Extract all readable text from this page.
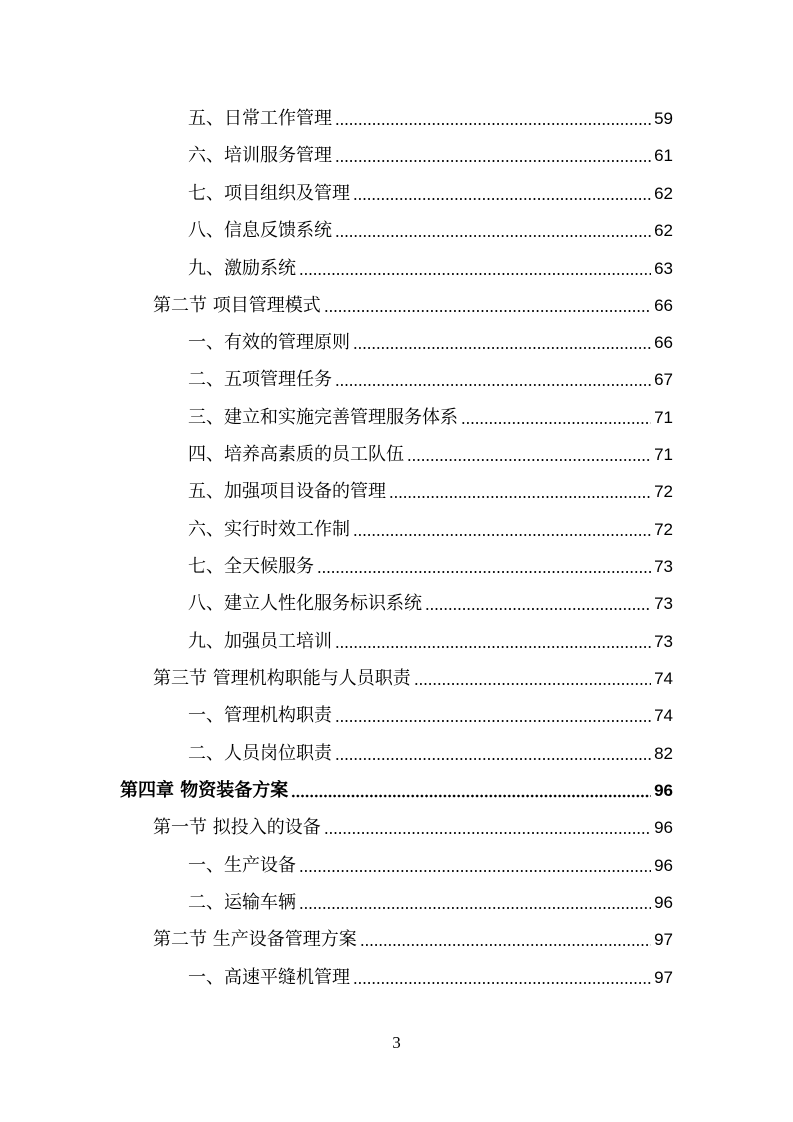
五、日常工作管理	59
六、培训服务管理	61
七、项目组织及管理	62
八、信息反馈系统	62
九、激励系统	63
第二节 项目管理模式	66
一、有效的管理原则	66
二、五项管理任务	67
三、建立和实施完善管理服务体系	71
四、培养高素质的员工队伍	71
五、加强项目设备的管理	72
六、实行时效工作制	72
七、全天候服务	73
八、建立人性化服务标识系统	73
九、加强员工培训	73
第三节 管理机构职能与人员职责	74
一、管理机构职责	74
二、人员岗位职责	82
第四章 物资装备方案	96
第一节 拟投入的设备	96
一、生产设备	96
二、运输车辆	96
第二节 生产设备管理方案	97
一、高速平缝机管理	97
3
